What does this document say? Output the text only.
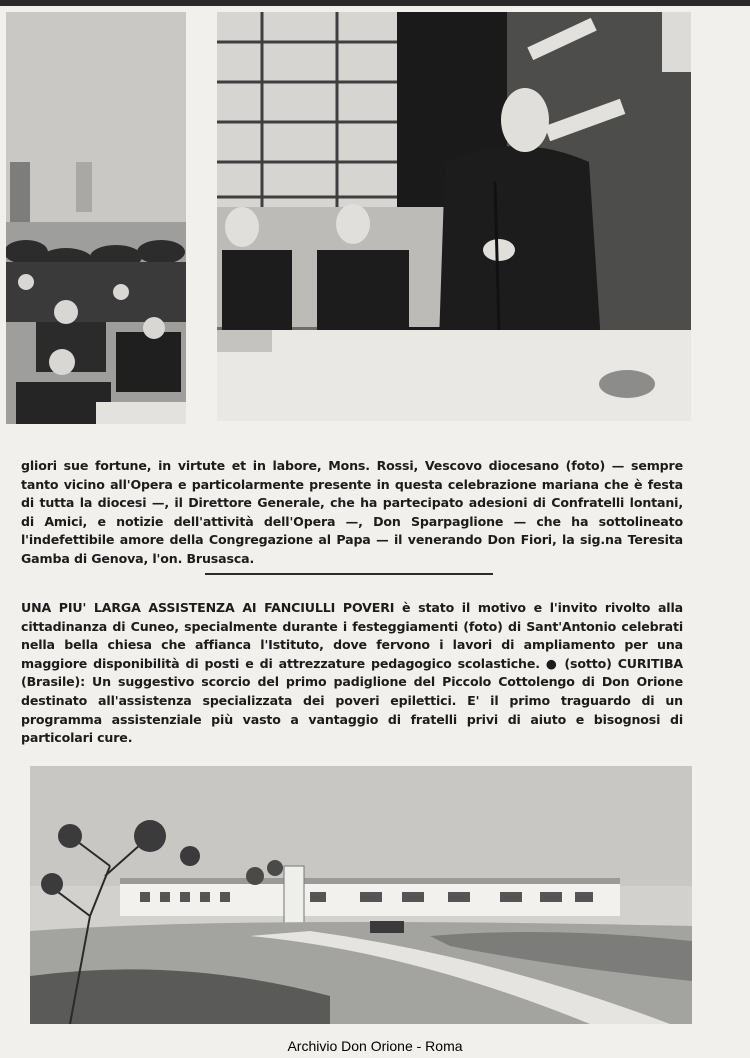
gliori sue fortune, in virtute et in labore, Mons. Rossi, Vescovo diocesano (foto) — sempre tanto vicino all'Opera e particolarmente presente in questa celebrazione mariana che è festa di tutta la diocesi —, il Direttore Generale, che ha partecipato adesioni di Confratelli lontani, di Amici, e notizie dell'attività dell'Opera —, Don Sparpaglione — che ha sottolineato l'indefettibile amore della Congregazione al Papa — il venerando Don Fiori, la sig.na Teresita Gamba di Genova, l'on. Brusasca.
UNA PIU' LARGA ASSISTENZA AI FANCIULLI POVERI è stato il motivo e l'invito rivolto alla cittadinanza di Cuneo, specialmente durante i festeggiamenti (foto) di Sant'Antonio celebrati nella bella chiesa che affianca l'Istituto, dove fervono i lavori di ampliamento per una maggiore disponibilità di posti e di attrezzature pedagogico scolastiche. ● (sotto) CURITIBA (Brasile): Un suggestivo scorcio del primo padiglione del Piccolo Cottolengo di Don Orione destinato all'assistenza specializzata dei poveri epilettici. E' il primo traguardo di un programma assistenziale più vasto a vantaggio di fratelli privi di aiuto e bisognosi di particolari cure.
Archivio Don Orione - Roma
